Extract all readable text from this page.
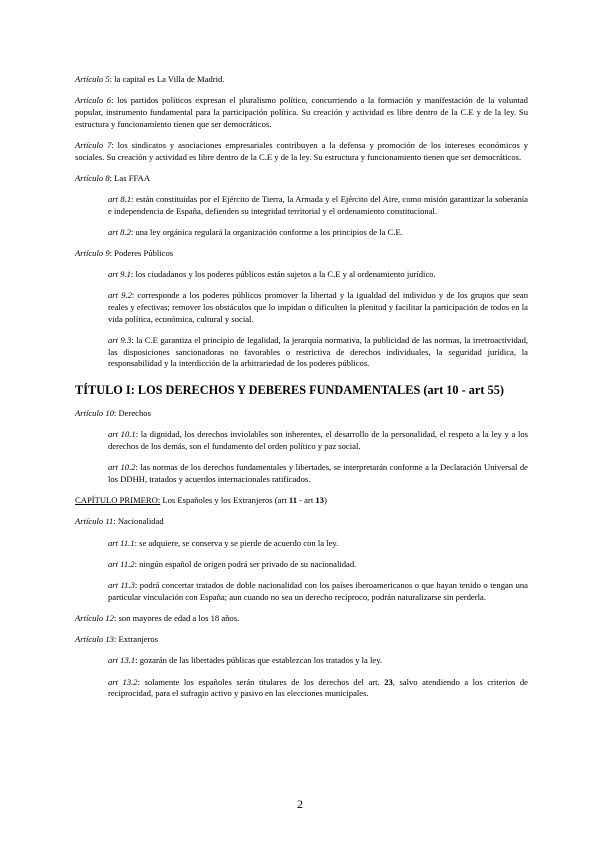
Artículo 5: la capital es La Villa de Madrid.

Artículo 6: los partidos políticos expresan el pluralismo político, concurriendo a la formación y manifestación de la voluntad popular, instrumento fundamental para la participación política. Su creación y actividad es libre dentro de la C.E y de la ley. Su estructura y funcionamiento tienen que ser democráticos.

Artículo 7: los sindicatos y asociaciones empresariales contribuyen a la defensa y promoción de los intereses económicos y sociales. Su creación y actividad es libre dentro de la C.E y de la ley. Su estructura y funcionamiento tienen que ser democráticos.

Artículo 8: Las FFAA

art 8.1: están constituidas por el Ejército de Tierra, la Armada y el Ejército del Aire, como misión garantizar la soberanía e independencia de España, defienden su integridad territorial y el ordenamiento constitucional.

art 8.2: una ley orgánica regulará la organización conforme a los principios de la C.E.

Artículo 9: Poderes Públicos

art 9.1: los ciudadanos y los poderes públicos están sujetos a la C.E y al ordenamiento jurídico.

art 9.2: corresponde a los poderes públicos promover la libertad y la igualdad del individuo y de los grupos que sean reales y efectivas; remover los obstáculos que lo impidan o dificulten la plenitud y facilitar la participación de todos en la vida política, económica, cultural y social.

art 9.3: la C.E garantiza el principio de legalidad, la jerarquía normativa, la publicidad de las normas, la irretroactividad, las disposiciones sancionadoras no favorables o restrictiva de derechos individuales, la seguridad jurídica, la responsabilidad y la interdicción de la arbitrariedad de los poderes públicos.

TÍTULO I: LOS DERECHOS Y DEBERES FUNDAMENTALES (art 10 - art 55)

Artículo 10: Derechos

art 10.1: la dignidad, los derechos inviolables son inherentes, el desarrollo de la personalidad, el respeto a la ley y a los derechos de los demás, son el fundamento del orden político y paz social.

art 10.2: las normas de los derechos fundamentales y libertades, se interpretarán conforme a la Declaración Universal de los DDHH, tratados y acuerdos internacionales ratificados.

CAPÍTULO PRIMERO: Los Españoles y los Extranjeros (art 11 - art 13)

Artículo 11: Nacionalidad

art 11.1: se adquiere, se conserva y se pierde de acuerdo con la ley.

art 11.2: ningún español de origen podrá ser privado de su nacionalidad.

art 11.3: podrá concertar tratados de doble nacionalidad con los países iberoamericanos o que hayan tenido o tengan una particular vinculación con España; aun cuando no sea un derecho recíproco, podrán naturalizarse sin perderla.

Artículo 12: son mayores de edad a los 18 años.

Artículo 13: Extranjeros

art 13.1: gozarán de las libertades públicas que establezcan los tratados y la ley.

art 13.2: solamente los españoles serán titulares de los derechos del art. 23, salvo atendiendo a los criterios de reciprocidad, para el sufragio activo y pasivo en las elecciones municipales.

2
